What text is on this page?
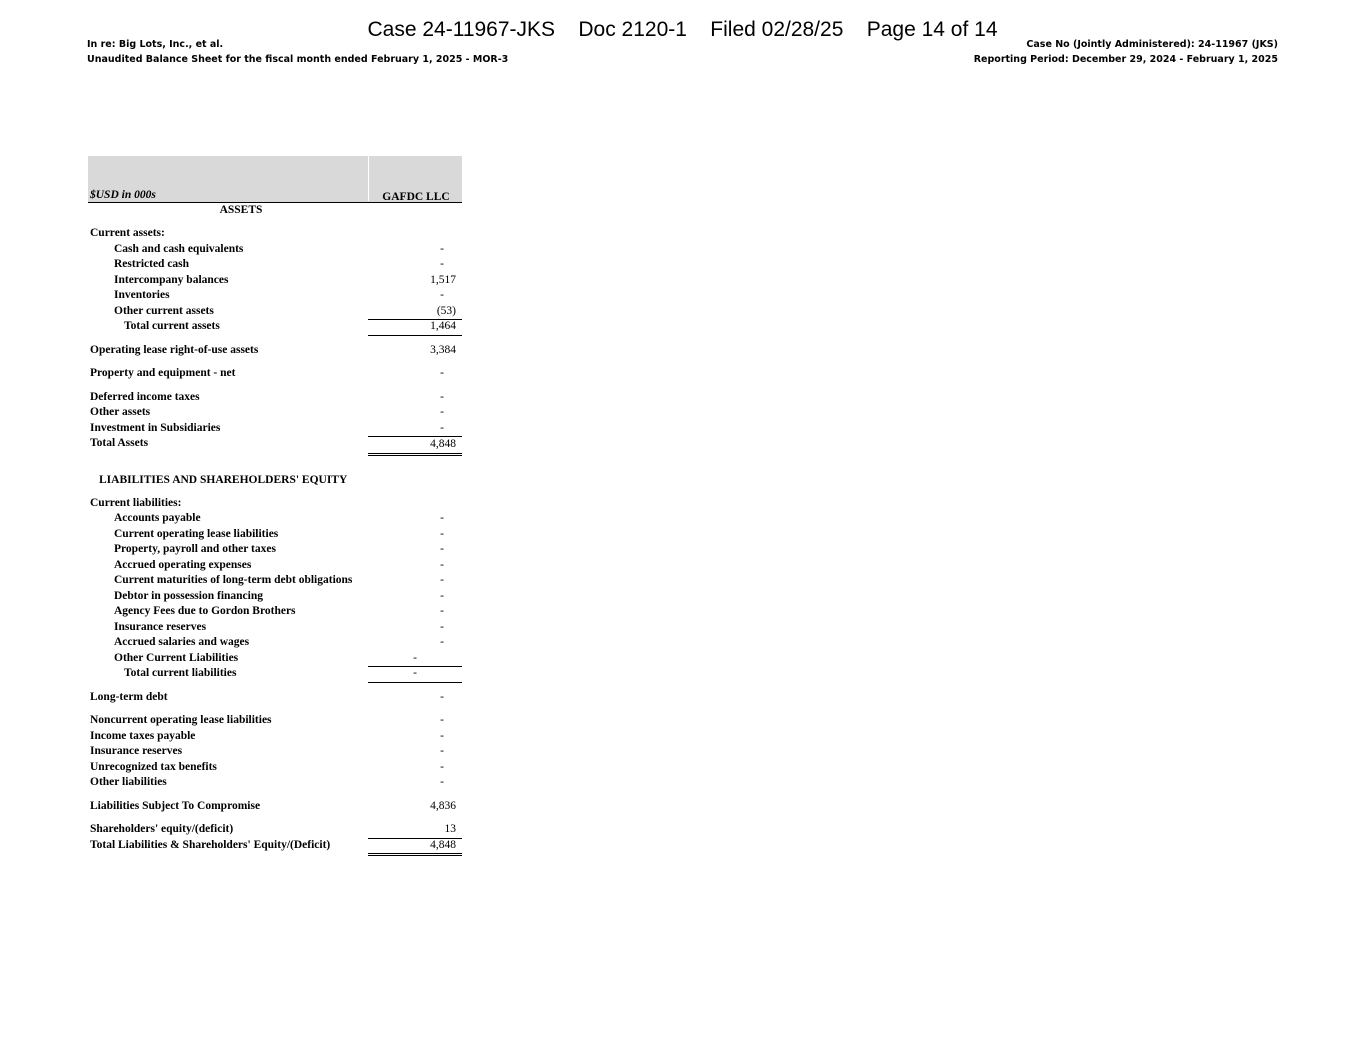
Case 24-11967-JKS    Doc 2120-1    Filed 02/28/25    Page 14 of 14
In re: Big Lots, Inc., et al.
Unaudited Balance Sheet for the fiscal month ended February 1, 2025 - MOR-3
Case No (Jointly Administered): 24-11967 (JKS)
Reporting Period: December 29, 2024 - February 1, 2025
$USD in 000s	GAFDC LLC
ASSETS
Current assets:
Cash and cash equivalents	-
Restricted cash	-
Intercompany balances	1,517
Inventories	-
Other current assets	(53)
Total current assets	1,464
Operating lease right-of-use assets	3,384
Property and equipment - net	-
Deferred income taxes	-
Other assets	-
Investment in Subsidiaries	-
Total Assets	4,848
LIABILITIES AND SHAREHOLDERS' EQUITY
Current liabilities:
Accounts payable	-
Current operating lease liabilities	-
Property, payroll and other taxes	-
Accrued operating expenses	-
Current maturities of long-term debt obligations	-
Debtor in possession financing	-
Agency Fees due to Gordon Brothers	-
Insurance reserves	-
Accrued salaries and wages	-
Other Current Liabilities	-
Total current liabilities	-
Long-term debt	-
Noncurrent operating lease liabilities	-
Income taxes payable	-
Insurance reserves	-
Unrecognized tax benefits	-
Other liabilities	-
Liabilities Subject To Compromise	4,836
Shareholders' equity/(deficit)	13
Total Liabilities & Shareholders' Equity/(Deficit)	4,848
